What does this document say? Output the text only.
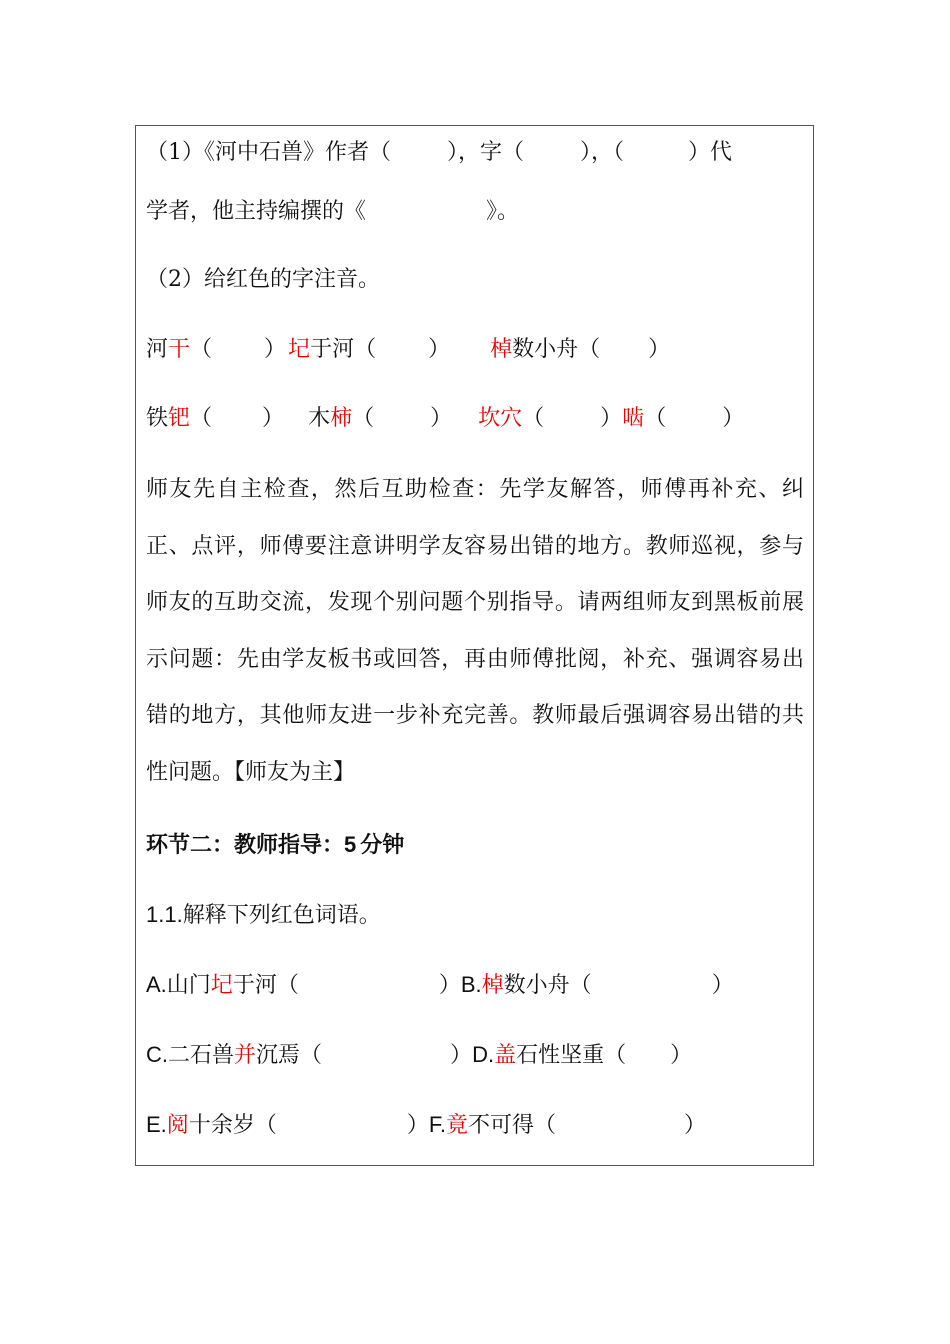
（1）《河中石兽》作者（	），字（	），（	）代
学者，他主持编撰的《	》。
（2）给红色的字注音。
河干（ ）圮于河（ ） 棹数小舟（ ）
铁钯（ ） 木柿（	） 坎穴（	）啮（	）
师友先自主检查，然后互助检查：先学友解答，师傅再补充、纠正、点评，师傅要注意讲明学友容易出错的地方。教师巡视，参与师友的互助交流，发现个别问题个别指导。请两组师友到黑板前展示问题：先由学友板书或回答，再由师傅批阅，补充、强调容易出错的地方，其他师友进一步补充完善。教师最后强调容易出错的共性问题。【师友为主】
环节二：教师指导：5 分钟
1.1.解释下列红色词语。
A.山门圮于河（	）B.棹数小舟（	）
C.二石兽并沉焉（	）D.盖石性坚重（ ）
E.阅十余岁（	）F.竟不可得（	）
